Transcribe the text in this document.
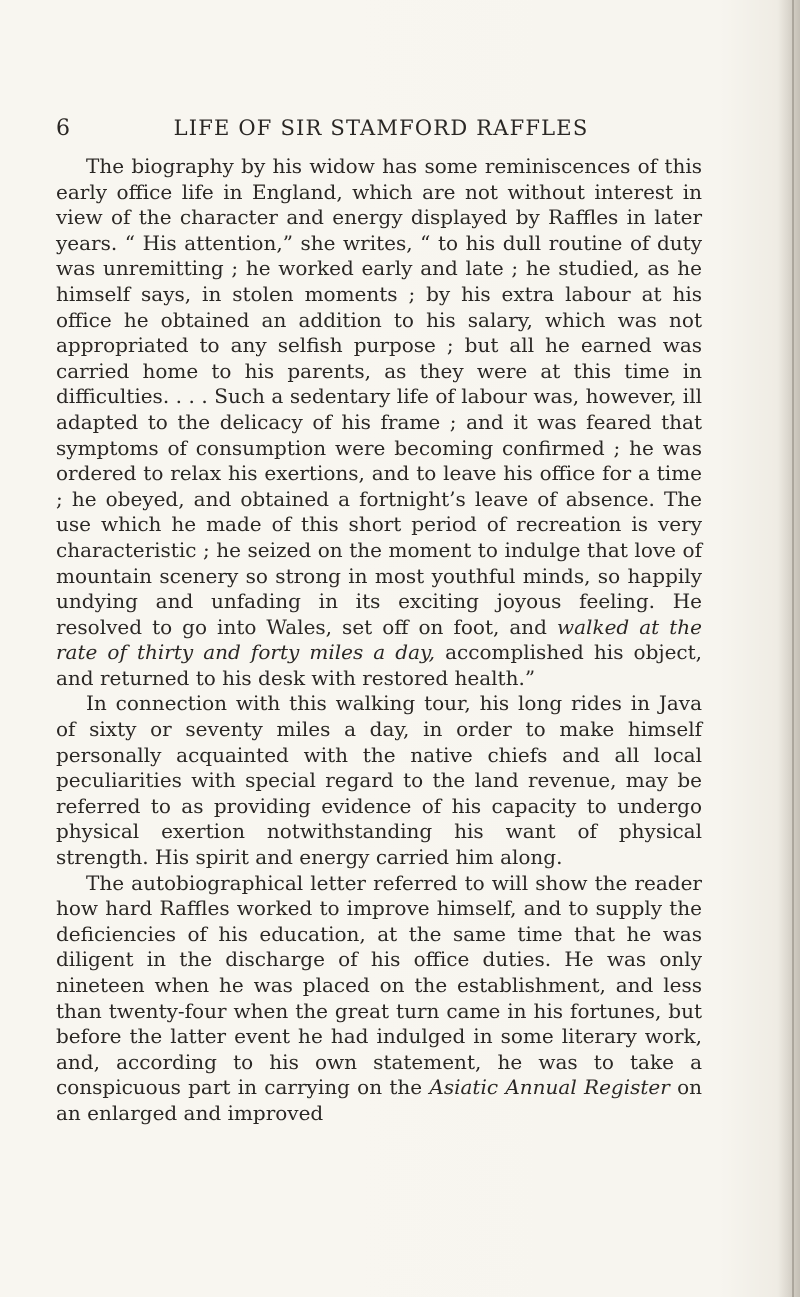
6	LIFE OF SIR STAMFORD RAFFLES

The biography by his widow has some reminiscences of this early office life in England, which are not without interest in view of the character and energy displayed by Raffles in later years. “ His attention,” she writes, “ to his dull routine of duty was unremitting ; he worked early and late ; he studied, as he himself says, in stolen moments ; by his extra labour at his office he obtained an addition to his salary, which was not appropriated to any selfish purpose ; but all he earned was carried home to his parents, as they were at this time in difficulties. . . . Such a sedentary life of labour was, however, ill adapted to the delicacy of his frame ; and it was feared that symptoms of consumption were becoming confirmed ; he was ordered to relax his exertions, and to leave his office for a time ; he obeyed, and obtained a fortnight’s leave of absence. The use which he made of this short period of recreation is very characteristic ; he seized on the moment to indulge that love of mountain scenery so strong in most youthful minds, so happily undying and unfading in its exciting joyous feeling. He resolved to go into Wales, set off on foot, and walked at the rate of thirty and forty miles a day, accomplished his object, and returned to his desk with restored health.”

In connection with this walking tour, his long rides in Java of sixty or seventy miles a day, in order to make himself personally acquainted with the native chiefs and all local peculiarities with special regard to the land revenue, may be referred to as providing evidence of his capacity to undergo physical exertion notwithstanding his want of physical strength. His spirit and energy carried him along.

The autobiographical letter referred to will show the reader how hard Raffles worked to improve himself, and to supply the deficiencies of his education, at the same time that he was diligent in the discharge of his office duties. He was only nineteen when he was placed on the establishment, and less than twenty-four when the great turn came in his fortunes, but before the latter event he had indulged in some literary work, and, according to his own statement, he was to take a conspicuous part in carrying on the Asiatic Annual Register on an enlarged and improved
